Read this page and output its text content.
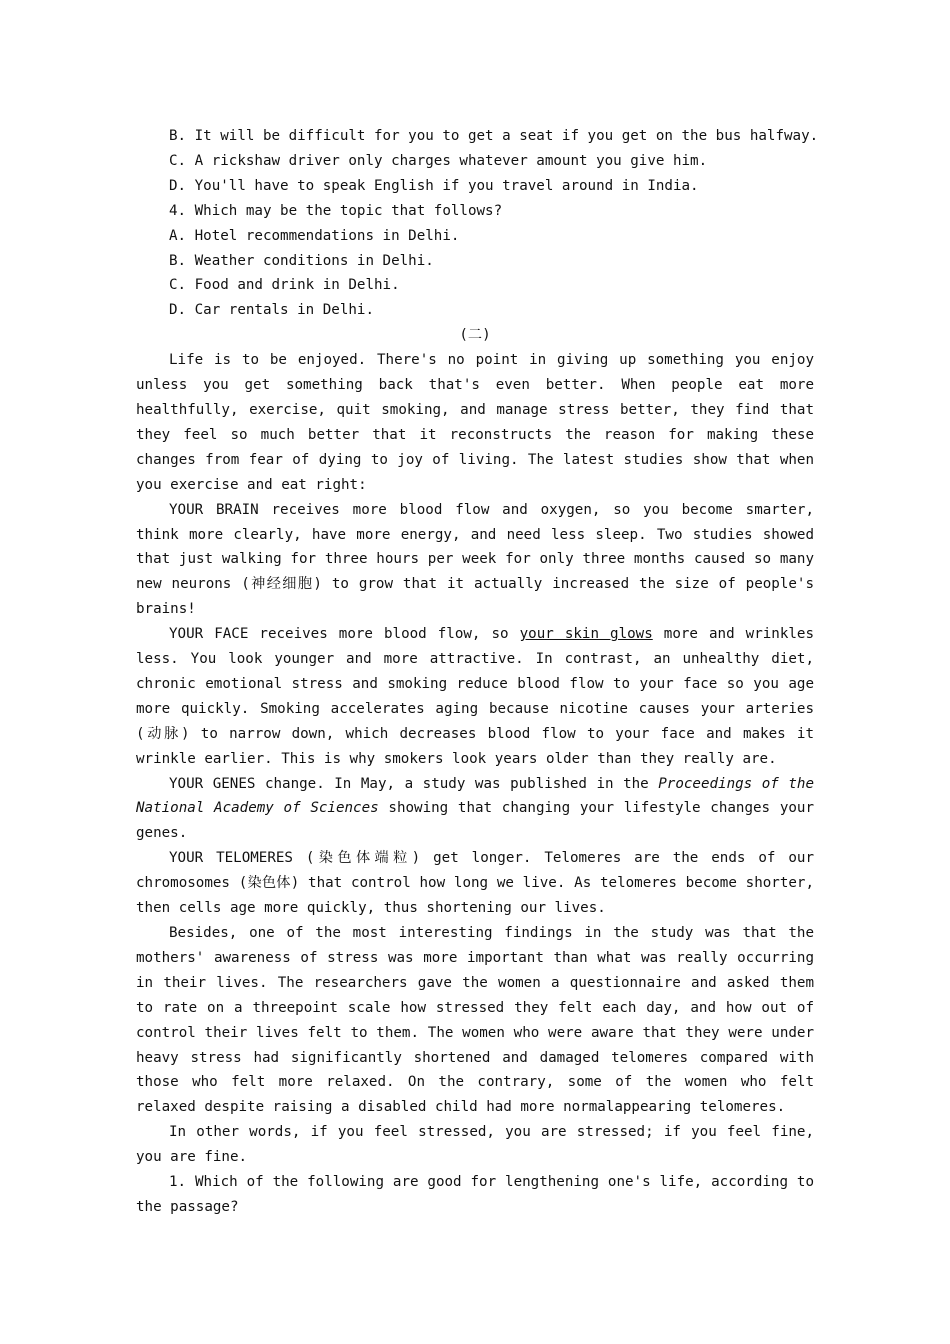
B. It will be difficult for you to get a seat if you get on the bus halfway.

C. A rickshaw driver only charges whatever amount you give him.

D. You'll have to speak English if you travel around in India.

4. Which may be the topic that follows?

A. Hotel recommendations in Delhi.

B. Weather conditions in Delhi.

C. Food and drink in Delhi.

D. Car rentals in Delhi.

(二)

Life is to be enjoyed. There's no point in giving up something you enjoy unless you get something back that's even better. When people eat more healthfully, exercise, quit smoking, and manage stress better, they find that they feel so much better that it reconstructs the reason for making these changes from fear of dying to joy of living. The latest studies show that when you exercise and eat right:

YOUR BRAIN receives more blood flow and oxygen, so you become smarter, think more clearly, have more energy, and need less sleep. Two studies showed that just walking for three hours per week for only three months caused so many new neurons (神经细胞) to grow that it actually increased the size of people's brains!

YOUR FACE receives more blood flow, so your skin glows more and wrinkles less. You look younger and more attractive. In contrast, an unhealthy diet, chronic emotional stress and smoking reduce blood flow to your face so you age more quickly. Smoking accelerates aging because nicotine causes your arteries (动脉) to narrow down, which decreases blood flow to your face and makes it wrinkle earlier. This is why smokers look years older than they really are.

YOUR GENES change. In May, a study was published in the Proceedings of the National Academy of Sciences showing that changing your lifestyle changes your genes.

YOUR TELOMERES (染色体端粒) get longer. Telomeres are the ends of our chromosomes (染色体) that control how long we live. As telomeres become shorter, then cells age more quickly, thus shortening our lives.

Besides, one of the most interesting findings in the study was that the mothers' awareness of stress was more important than what was really occurring in their lives. The researchers gave the women a questionnaire and asked them to rate on a threepoint scale how stressed they felt each day, and how out of control their lives felt to them. The women who were aware that they were under heavy stress had significantly shortened and damaged telomeres compared with those who felt more relaxed. On the contrary, some of the women who felt relaxed despite raising a disabled child had more normalappearing telomeres.

In other words, if you feel stressed, you are stressed; if you feel fine, you are fine.

1. Which of the following are good for lengthening one's life, according to the passage?
